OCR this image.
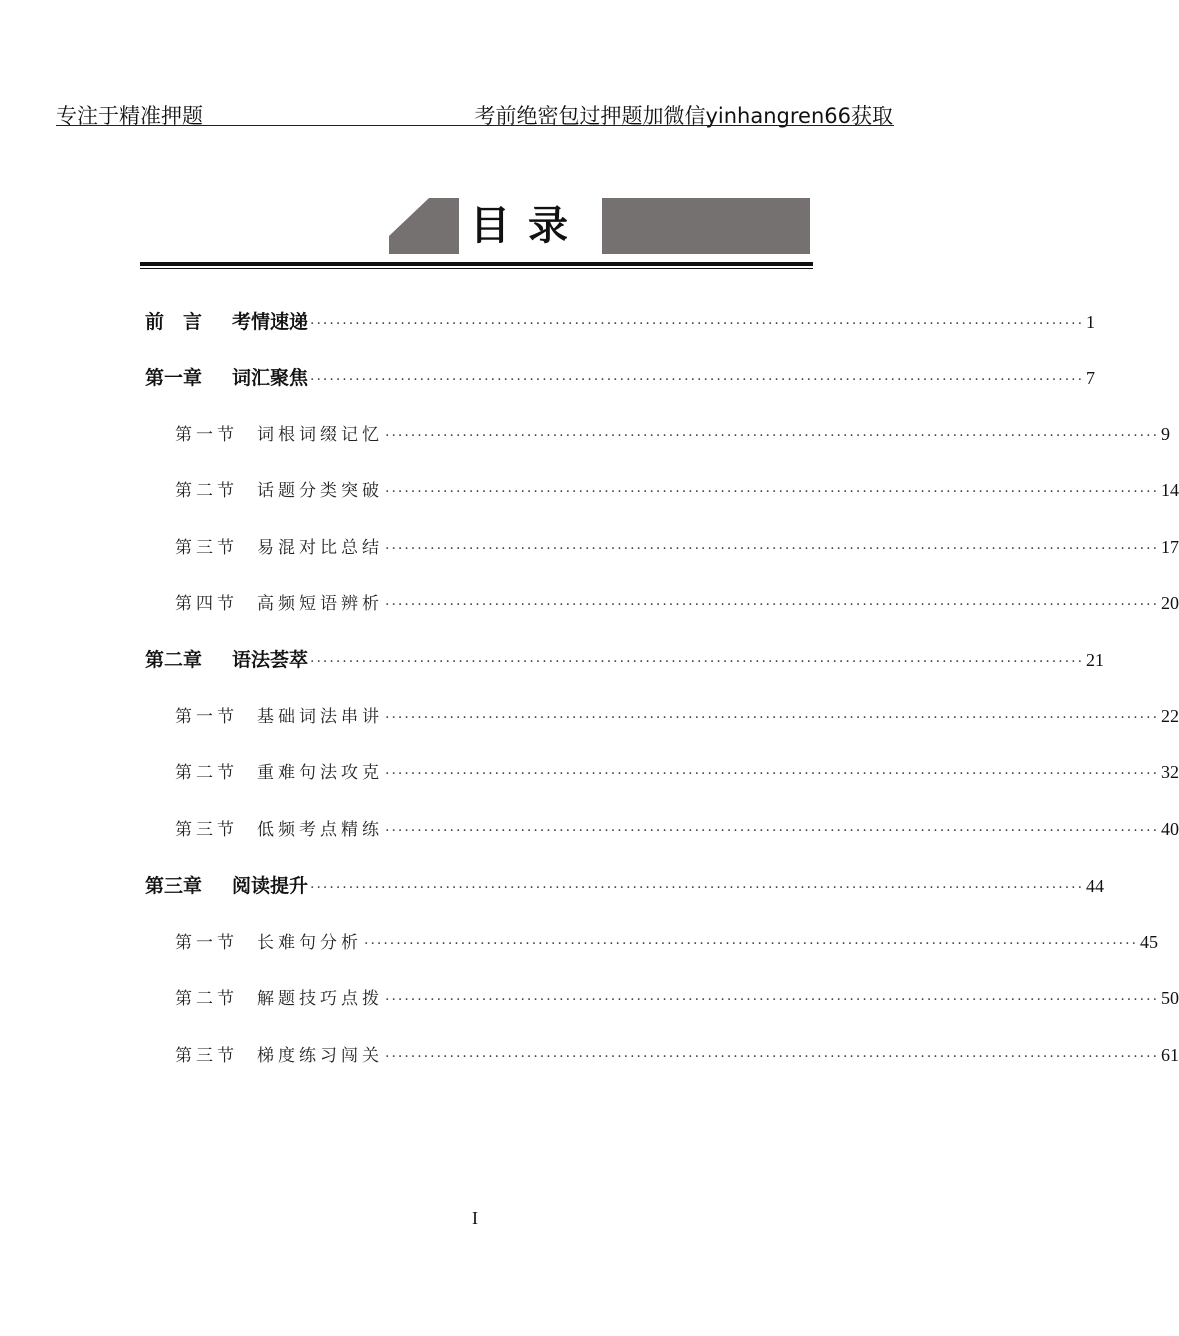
专注于精准押题	考前绝密包过押题加微信yinhangren66获取
目录
前　言 考情速递 ························································································································ 1
第一章 词汇聚焦 ························································································································ 7
第一节 词根词缀记忆 ························································································································ 9
第二节 话题分类突破 ························································································································ 14
第三节 易混对比总结 ························································································································ 17
第四节 高频短语辨析 ························································································································ 20
第二章 语法荟萃 ························································································································ 21
第一节 基础词法串讲 ························································································································ 22
第二节 重难句法攻克 ························································································································ 32
第三节 低频考点精练 ························································································································ 40
第三章 阅读提升 ························································································································ 44
第一节 长难句分析 ························································································································ 45
第二节 解题技巧点拨 ························································································································ 50
第三节 梯度练习闯关 ························································································································ 61
I
